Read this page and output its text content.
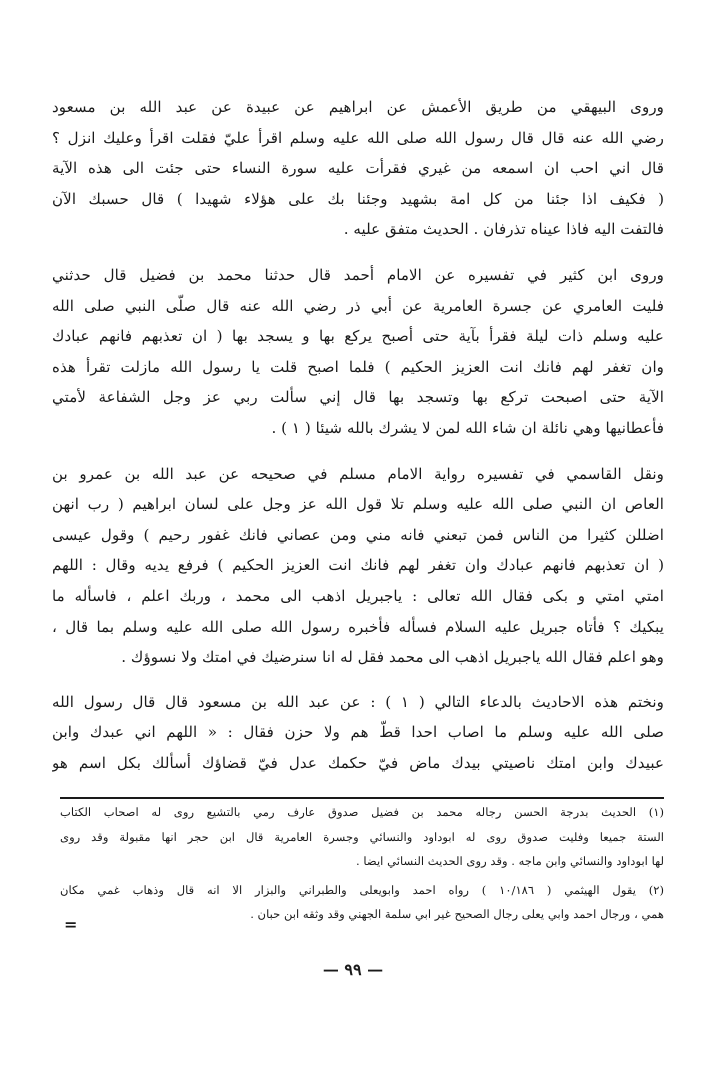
وروى البيهقي من طريق الأعمش عن ابراهيم عن عبيدة عن عبد الله بن مسعود
رضي الله عنه قال قال رسول الله صلى الله عليه وسلم اقرأ عليّ فقلت اقرأ وعليك انزل ؟
قال اني احب ان اسمعه من غيري فقرأت عليه سورة النساء حتى جئت الى هذه الآية
( فكيف اذا جئنا من كل امة بشهيد وجئنا بك على هؤلاء شهيدا ) قال حسبك الآن
فالتفت اليه فاذا عيناه تذرفان . الحديث متفق عليه .

وروى ابن كثير في تفسيره عن الامام أحمد قال حدثنا محمد بن فضيل قال حدثني
فليت العامري عن جسرة العامرية عن أبي ذر رضي الله عنه قال صلّى النبي صلى الله
عليه وسلم ذات ليلة فقرأ بآية حتى أصبح يركع بها و يسجد بها ( ان تعذبهم فانهم عبادك
وان تغفر لهم فانك انت العزيز الحكيم ) فلما اصبح قلت يا رسول الله مازلت تقرأ هذه
الآية حتى اصبحت تركع بها وتسجد بها قال إني سألت ربي عز وجل الشفاعة لأمتي
فأعطانيها وهي نائلة ان شاء الله لمن لا يشرك بالله شيئا ( ١ ) .

ونقل القاسمي في تفسيره رواية الامام مسلم في صحيحه عن عبد الله بن عمرو بن
العاص ان النبي صلى الله عليه وسلم تلا قول الله عز وجل على لسان ابراهيم ( رب انهن
اضللن كثيرا من الناس فمن تبعني فانه مني ومن عصاني فانك غفور رحيم ) وقول عيسى
( ان تعذبهم فانهم عبادك وان تغفر لهم فانك انت العزيز الحكيم ) فرفع يديه وقال : اللهم
امتي امتي و بكى فقال الله تعالى : ياجبريل اذهب الى محمد ، وربك اعلم ، فاسأله ما
يبكيك ؟ فأتاه جبريل عليه السلام فسأله فأخبره رسول الله صلى الله عليه وسلم بما قال ،
وهو اعلم فقال الله ياجبريل اذهب الى محمد فقل له انا سنرضيك في امتك ولا نسوؤك .

ونختم هذه الاحاديث بالدعاء التالي ( ١ ) : عن عبد الله بن مسعود قال قال رسول الله
صلى الله عليه وسلم ما اصاب احدا قطّ هم ولا حزن فقال : « اللهم اني عبدك وابن
عبيدك وابن امتك ناصيتي بيدك ماض فيّ حكمك عدل فيّ قضاؤك أسألك بكل اسم هو

(١) الحديث بدرجة الحسن رجاله محمد بن فضيل صدوق عارف رمي بالتشيع روى له اصحاب الكتاب
الستة جميعا وفليت صدوق روى له ابوداود والنسائي وجسرة العامرية قال ابن حجر انها مقبولة وقد روى
لها ابوداود والنسائي وابن ماجه . وقد روى الحديث النسائي ايضا .
(٢) يقول الهيثمي ( ١٠/١٨٦ ) رواه احمد وابويعلى والطبراني والبزار الا انه قال وذهاب غمي مكان
همي ، ورجال احمد وابي يعلى رجال الصحيح غير ابي سلمة الجهني وقد وثقه ابن حبان .
=
— ٩٩ —
